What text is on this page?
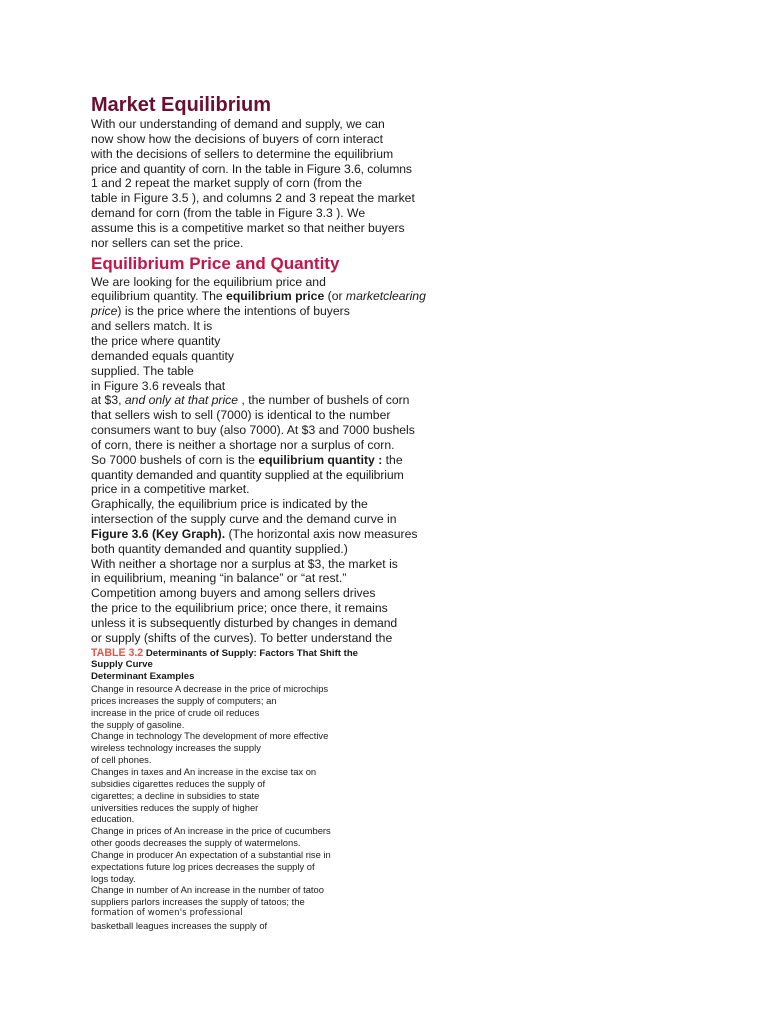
Market Equilibrium
With our understanding of demand and supply, we can
now show how the decisions of buyers of corn interact
with the decisions of sellers to determine the equilibrium
price and quantity of corn. In the table in Figure 3.6, columns
1 and 2 repeat the market supply of corn (from the
table in Figure 3.5 ), and columns 2 and 3 repeat the market
demand for corn (from the table in Figure 3.3 ). We
assume this is a competitive market so that neither buyers
nor sellers can set the price.
Equilibrium Price and Quantity
We are looking for the equilibrium price and
equilibrium quantity. The equilibrium price (or marketclearing
price) is the price where the intentions of buyers
and sellers match. It is
the price where quantity
demanded equals quantity
supplied. The table
in Figure 3.6 reveals that
at $3, and only at that price , the number of bushels of corn
that sellers wish to sell (7000) is identical to the number
consumers want to buy (also 7000). At $3 and 7000 bushels
of corn, there is neither a shortage nor a surplus of corn.
So 7000 bushels of corn is the equilibrium quantity : the
quantity demanded and quantity supplied at the equilibrium
price in a competitive market.
Graphically, the equilibrium price is indicated by the
intersection of the supply curve and the demand curve in
Figure 3.6 (Key Graph). (The horizontal axis now measures
both quantity demanded and quantity supplied.)
With neither a shortage nor a surplus at $3, the market is
in equilibrium, meaning “in balance” or “at rest.”
Competition among buyers and among sellers drives
the price to the equilibrium price; once there, it remains
unless it is subsequently disturbed by changes in demand
or supply (shifts of the curves). To better understand the
TABLE 3.2 Determinants of Supply: Factors That Shift the
Supply Curve
Determinant Examples
Change in resource A decrease in the price of microchips
prices increases the supply of computers; an
increase in the price of crude oil reduces
the supply of gasoline.
Change in technology The development of more effective
wireless technology increases the supply
of cell phones.
Changes in taxes and An increase in the excise tax on
subsidies cigarettes reduces the supply of
cigarettes; a decline in subsidies to state
universities reduces the supply of higher
education.
Change in prices of An increase in the price of cucumbers
other goods decreases the supply of watermelons.
Change in producer An expectation of a substantial rise in
expectations future log prices decreases the supply of
logs today.
Change in number of An increase in the number of tatoo
suppliers parlors increases the supply of tatoos; the
formation of women's professional
basketball leagues increases the supply of
